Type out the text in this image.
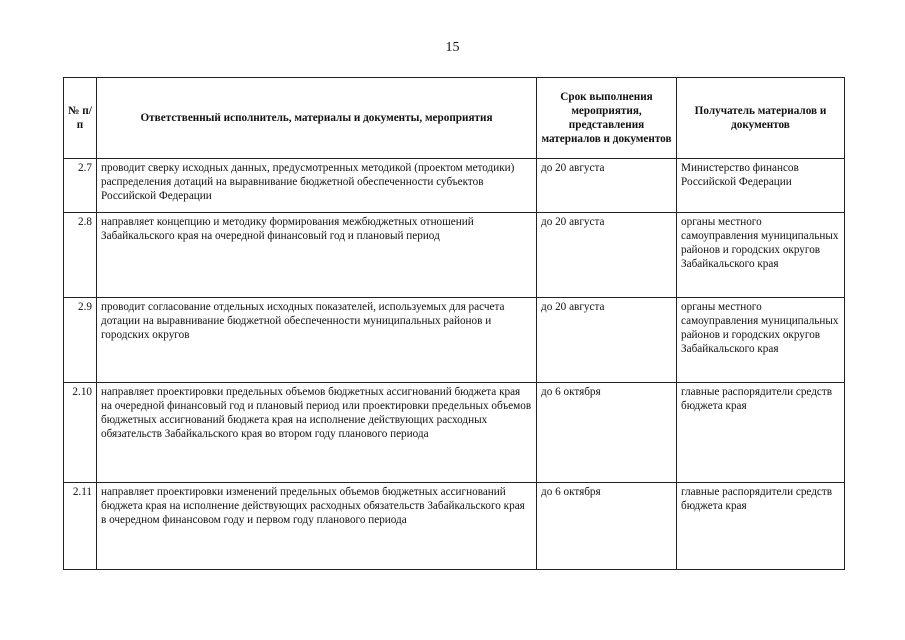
15
№ п/п	Ответственный исполнитель, материалы и документы, мероприятия	Срок выполнения мероприятия, представления материалов и документов	Получатель материалов и документов
2.7	проводит сверку исходных данных, предусмотренных методикой (проектом методики) распределения дотаций на выравнивание бюджетной обеспеченности субъектов Российской Федерации	до 20 августа	Министерство финансов Российской Федерации
2.8	направляет концепцию и методику формирования межбюджетных отношений Забайкальского края на очередной финансовый год и плановый период	до 20 августа	органы местного самоуправления муниципальных районов и городских округов Забайкальского края
2.9	проводит согласование отдельных исходных показателей, используемых для расчета дотации на выравнивание бюджетной обеспеченности муниципальных районов и городских округов	до 20 августа	органы местного самоуправления муниципальных районов и городских округов Забайкальского края
2.10	направляет проектировки предельных объемов бюджетных ассигнований бюджета края на очередной финансовый год и плановый период или проектировки предельных объемов бюджетных ассигнований бюджета края на исполнение действующих расходных обязательств Забайкальского края во втором году планового периода	до 6 октября	главные распорядители средств бюджета края
2.11	направляет проектировки изменений предельных объемов бюджетных ассигнований бюджета края на исполнение действующих расходных обязательств Забайкальского края в очередном финансовом году и первом году планового периода	до 6 октября	главные распорядители средств бюджета края
